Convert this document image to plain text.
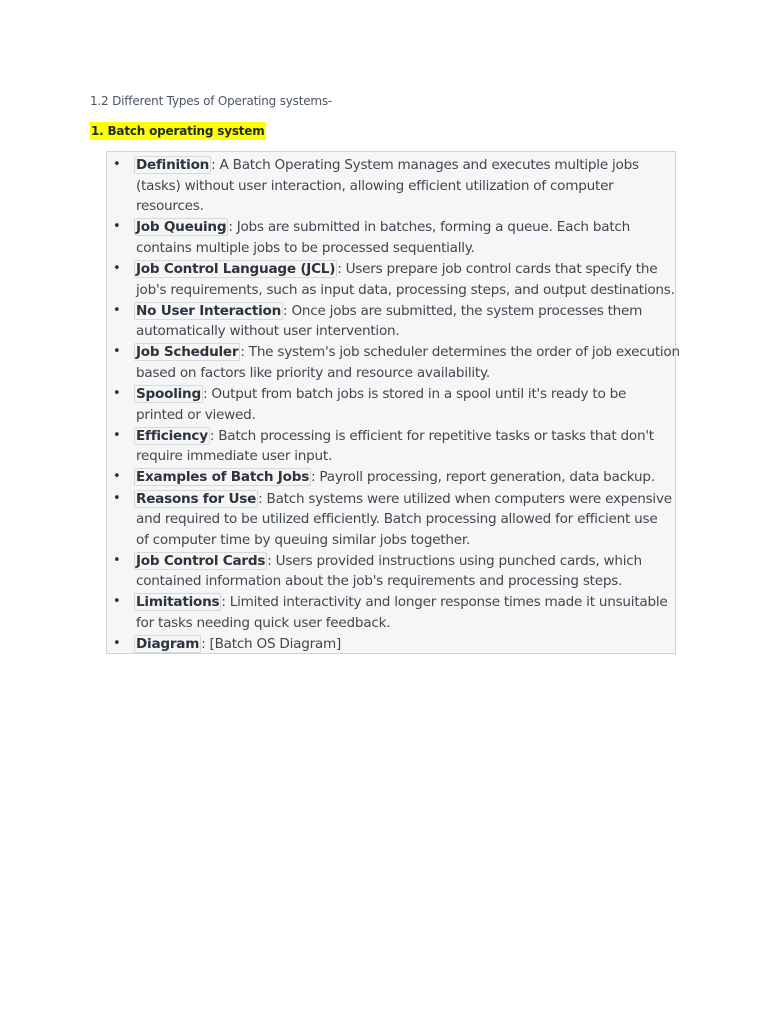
1.2 Different Types of Operating systems-
1. Batch operating system
• Definition : A Batch Operating System manages and executes multiple jobs
(tasks) without user interaction, allowing efficient utilization of computer
resources.
• Job Queuing : Jobs are submitted in batches, forming a queue. Each batch
contains multiple jobs to be processed sequentially.
• Job Control Language (JCL) : Users prepare job control cards that specify the
job's requirements, such as input data, processing steps, and output destinations.
• No User Interaction : Once jobs are submitted, the system processes them
automatically without user intervention.
• Job Scheduler : The system's job scheduler determines the order of job execution
based on factors like priority and resource availability.
• Spooling : Output from batch jobs is stored in a spool until it's ready to be
printed or viewed.
• Efficiency : Batch processing is efficient for repetitive tasks or tasks that don't
require immediate user input.
• Examples of Batch Jobs : Payroll processing, report generation, data backup.
• Reasons for Use : Batch systems were utilized when computers were expensive
and required to be utilized efficiently. Batch processing allowed for efficient use
of computer time by queuing similar jobs together.
• Job Control Cards : Users provided instructions using punched cards, which
contained information about the job's requirements and processing steps.
• Limitations : Limited interactivity and longer response times made it unsuitable
for tasks needing quick user feedback.
• Diagram : [Batch OS Diagram]
